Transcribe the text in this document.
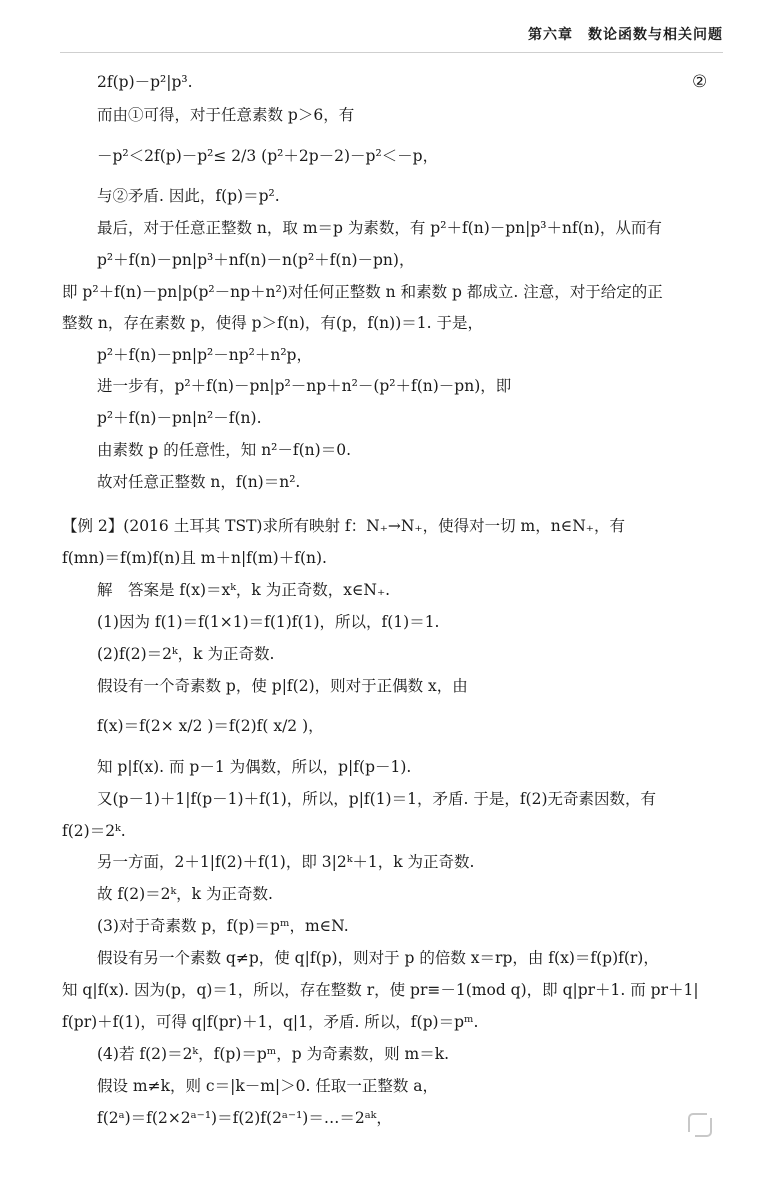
第六章　数论函数与相关问题
②
2f(p)－p²|p³.
而由①可得，对于任意素数 p＞6，有
－p²＜2f(p)－p²≤ 2/3 (p²＋2p－2)－p²＜－p，
与②矛盾. 因此，f(p)＝p².
最后，对于任意正整数 n，取 m＝p 为素数，有 p²＋f(n)－pn|p³＋nf(n)，从而有
p²＋f(n)－pn|p³＋nf(n)－n(p²＋f(n)－pn)，
即 p²＋f(n)－pn|p(p²－np＋n²)对任何正整数 n 和素数 p 都成立. 注意，对于给定的正
整数 n，存在素数 p，使得 p＞f(n)，有(p，f(n))＝1. 于是，
p²＋f(n)－pn|p²－np²＋n²p，
进一步有，p²＋f(n)－pn|p²－np＋n²－(p²＋f(n)－pn)，即
p²＋f(n)－pn|n²－f(n).
由素数 p 的任意性，知 n²－f(n)＝0.
故对任意正整数 n，f(n)＝n².
【例 2】(2016 土耳其 TST)求所有映射 f：N₊→N₊，使得对一切 m，n∈N₊，有
f(mn)＝f(m)f(n)且 m＋n|f(m)＋f(n).
解　答案是 f(x)＝xᵏ，k 为正奇数，x∈N₊.
(1)因为 f(1)＝f(1×1)＝f(1)f(1)，所以，f(1)＝1.
(2)f(2)＝2ᵏ，k 为正奇数.
假设有一个奇素数 p，使 p|f(2)，则对于正偶数 x，由
f(x)＝f(2× x/2 )＝f(2)f( x/2 )，
知 p|f(x). 而 p－1 为偶数，所以，p|f(p－1).
又(p－1)＋1|f(p－1)＋f(1)，所以，p|f(1)＝1，矛盾. 于是，f(2)无奇素因数，有
f(2)＝2ᵏ.
另一方面，2＋1|f(2)＋f(1)，即 3|2ᵏ＋1，k 为正奇数.
故 f(2)＝2ᵏ，k 为正奇数.
(3)对于奇素数 p，f(p)＝pᵐ，m∈N.
假设有另一个素数 q≠p，使 q|f(p)，则对于 p 的倍数 x＝rp，由 f(x)＝f(p)f(r)，
知 q|f(x). 因为(p，q)＝1，所以，存在整数 r，使 pr≡－1(mod q)，即 q|pr＋1. 而 pr＋1|
f(pr)＋f(1)，可得 q|f(pr)＋1，q|1，矛盾. 所以，f(p)＝pᵐ.
(4)若 f(2)＝2ᵏ，f(p)＝pᵐ，p 为奇素数，则 m＝k.
假设 m≠k，则 c＝|k－m|＞0. 任取一正整数 a，
f(2ᵃ)＝f(2×2ᵃ⁻¹)＝f(2)f(2ᵃ⁻¹)＝…＝2ᵃᵏ，
